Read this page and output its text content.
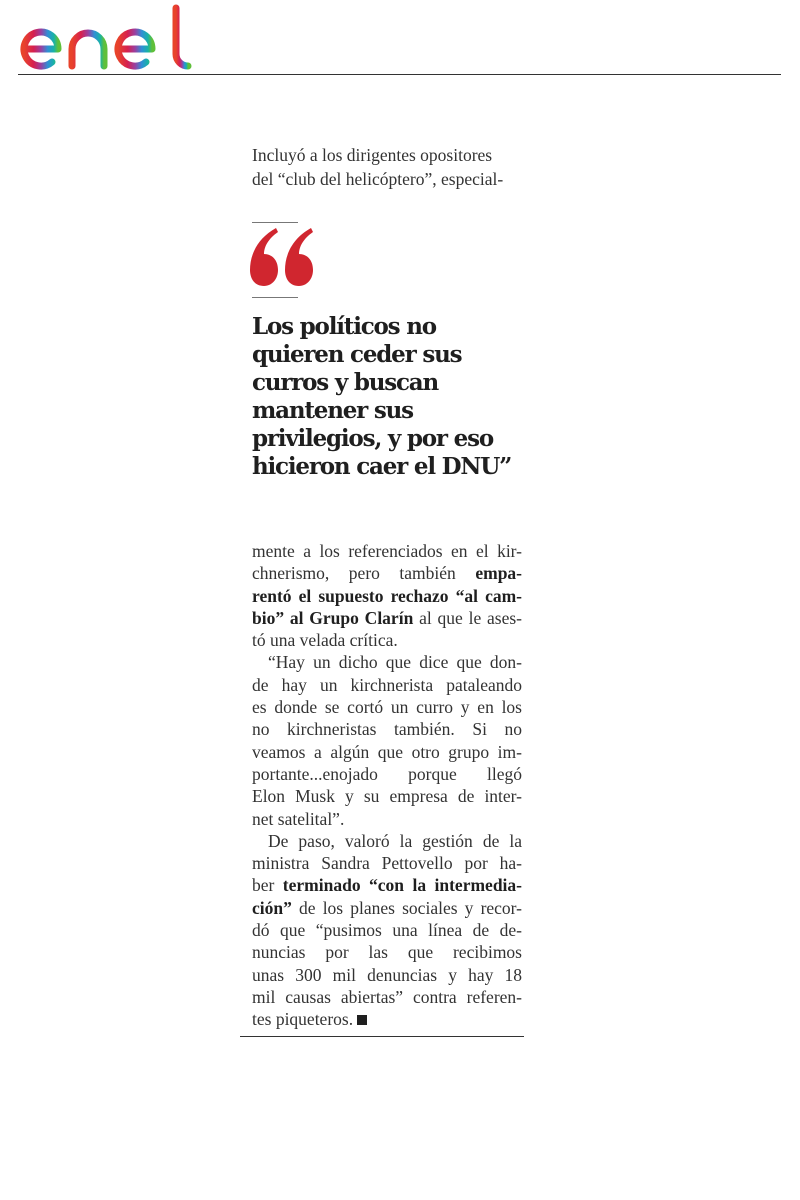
Incluyó a los dirigentes opositores

del “club del helicóptero”, especial-

Los políticos no
quieren ceder sus
curros y buscan
mantener sus
privilegios, y por eso
hicieron caer el DNU”
mente a los referenciados en el kir-
chnerismo, pero también empa-
rentó el supuesto rechazo “al cam-
bio” al Grupo Clarín al que le ases-
tó una velada crítica.
“Hay un dicho que dice que don-
de hay un kirchnerista pataleando
es donde se cortó un curro y en los
no kirchneristas también. Si no
veamos a algún que otro grupo im-
portante...enojado porque llegó
Elon Musk y su empresa de inter-
net satelital”.
De paso, valoró la gestión de la
ministra Sandra Pettovello por ha-
ber terminado “con la intermedia-
ción” de los planes sociales y recor-
dó que “pusimos una línea de de-
nuncias por las que recibimos
unas 300 mil denuncias y hay 18
mil causas abiertas” contra referen-
tes piqueteros.
